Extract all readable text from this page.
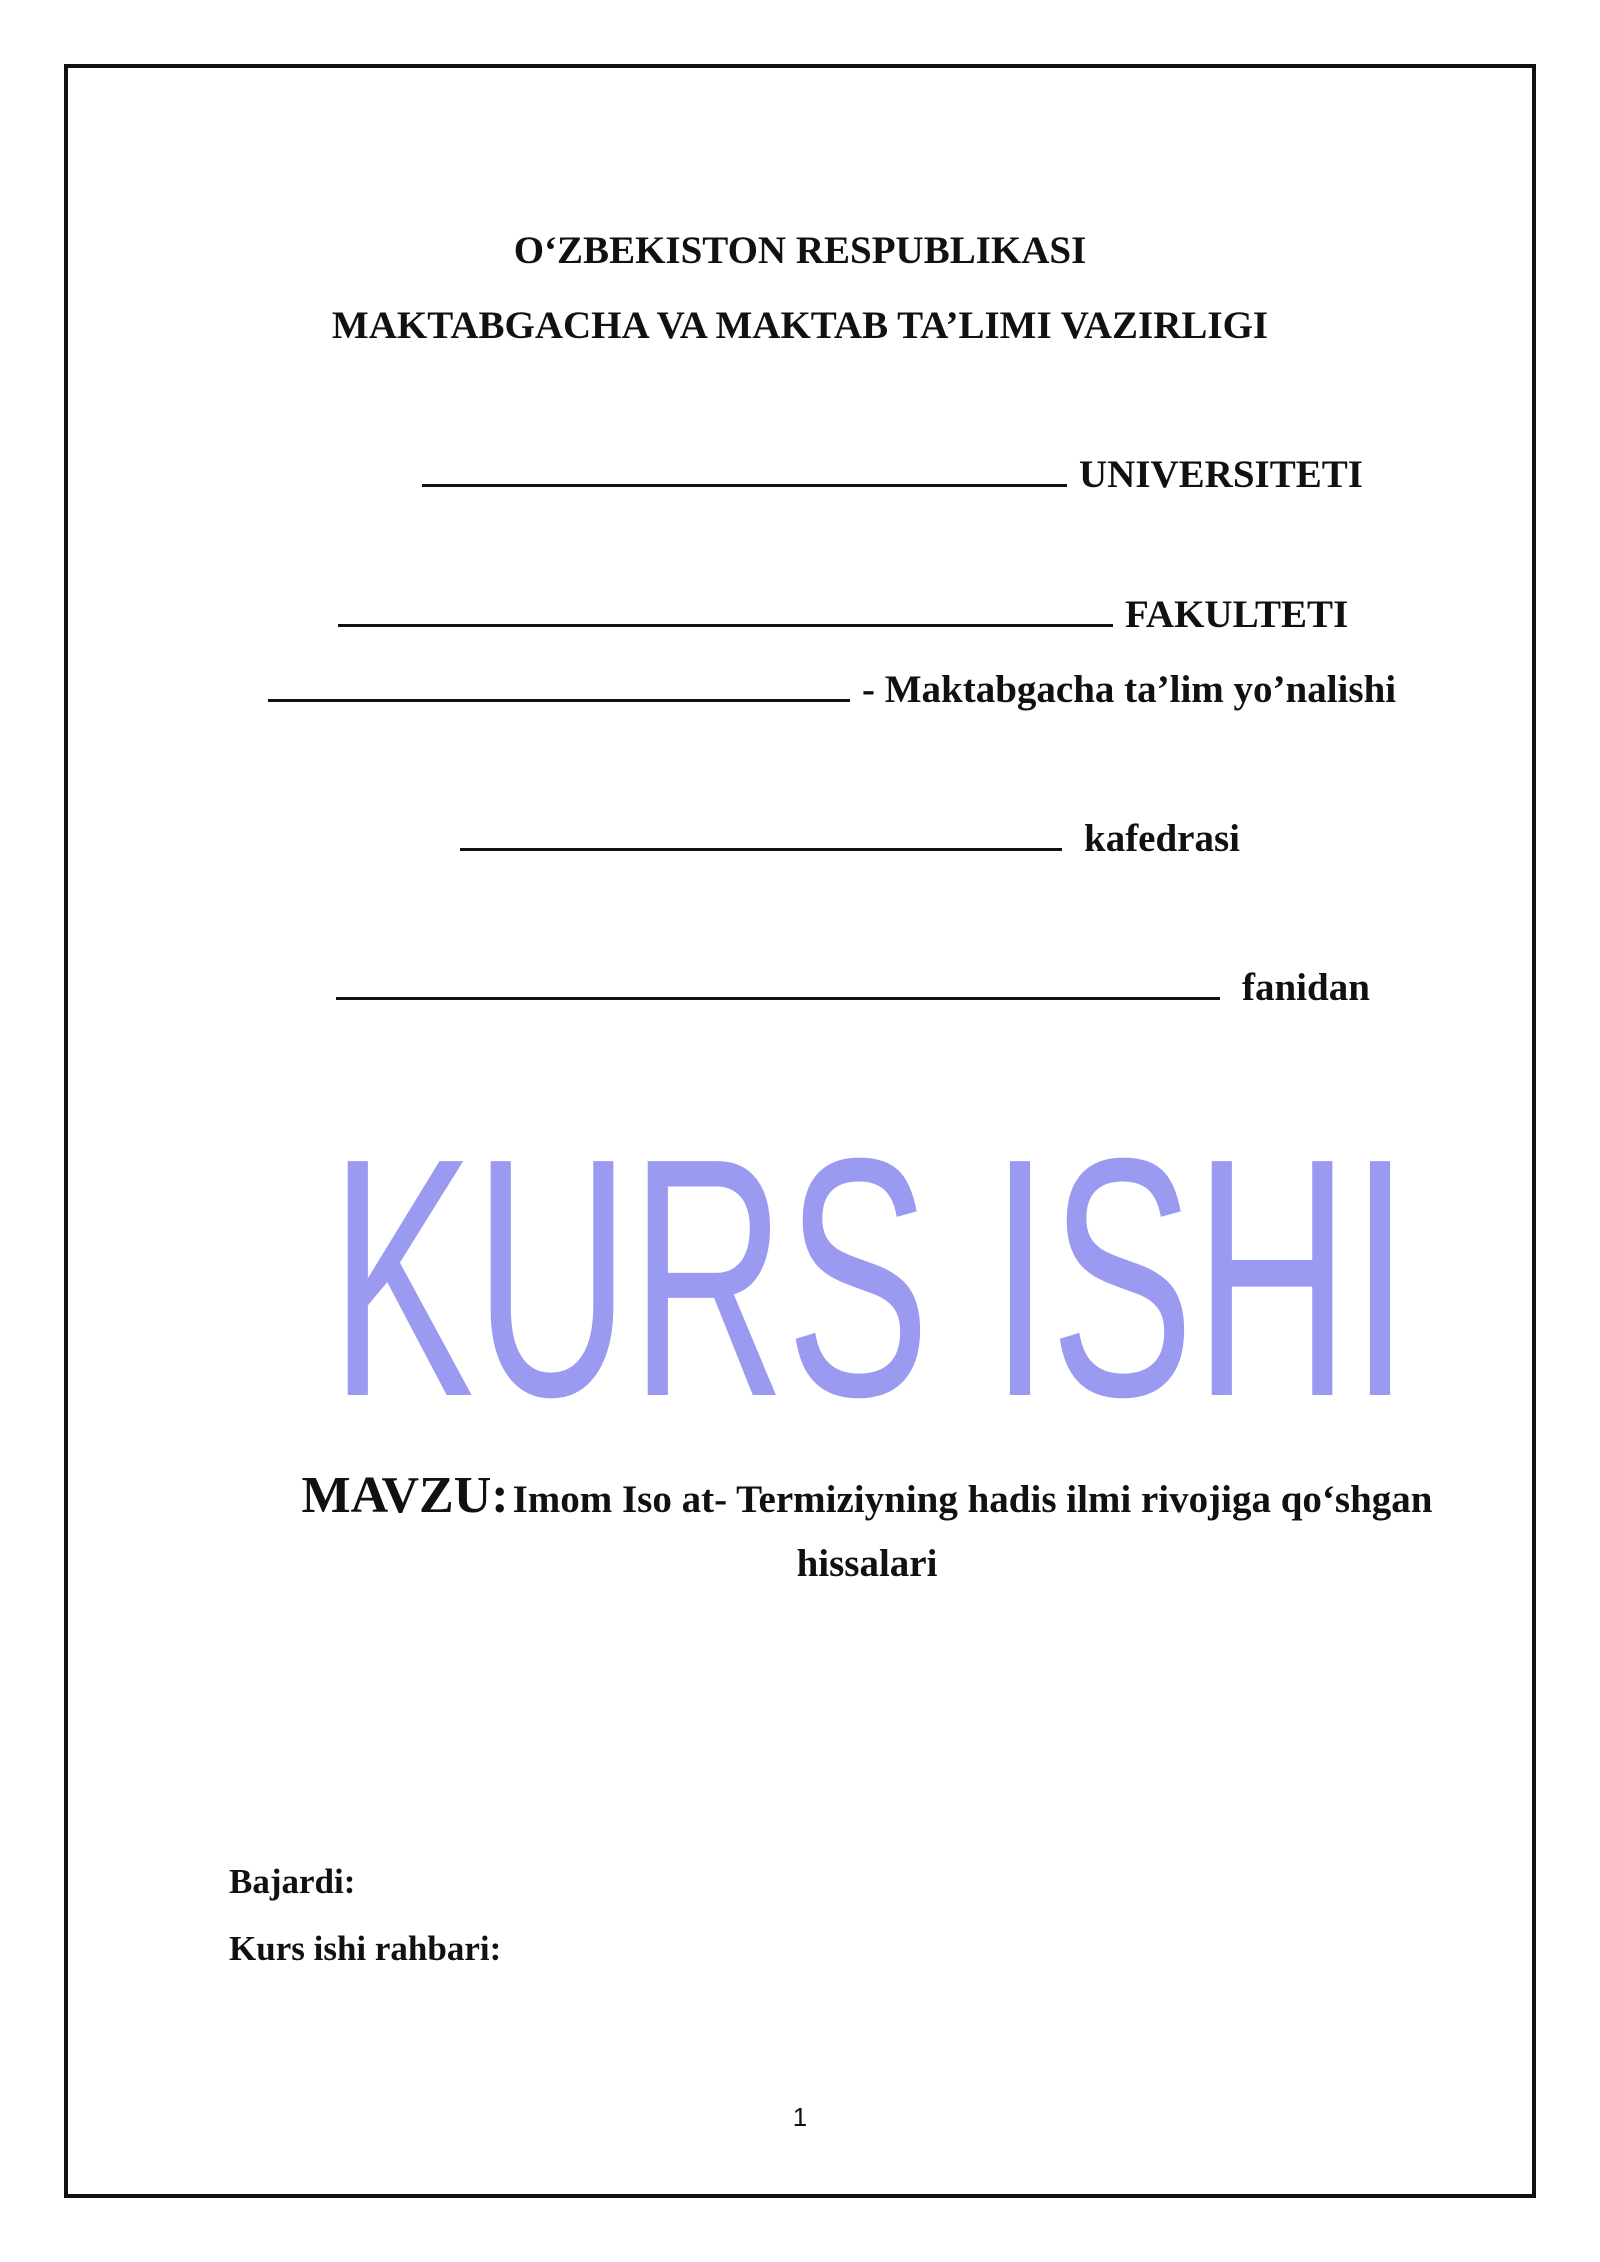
O‘ZBEKISTON RESPUBLIKASI
MAKTABGACHA VA MAKTAB TA’LIMI VAZIRLIGI
UNIVERSITETI
FAKULTETI
- Maktabgacha ta’lim yo’nalishi
kafedrasi
fanidan
KURS ISHI
MAVZU: Imom Iso at- Termiziyning hadis ilmi rivojiga qo‘shgan hissalari
Bajardi:
Kurs ishi rahbari:
1
